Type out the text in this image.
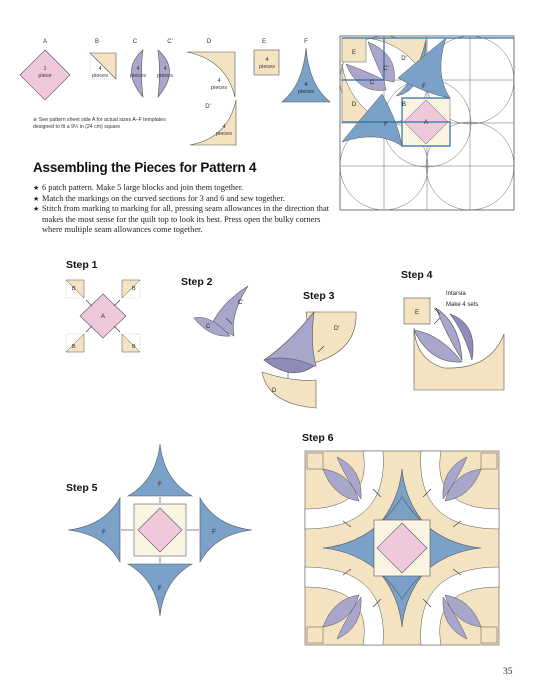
A
1
piece
B
4
pieces
C
4
pieces
C'
4
pieces
D
4
pieces
E
4
pieces
F
4
pieces
D'
4
pieces
※ See pattern sheet side A for actual sizes A–F templates designed to fit a 9½ in (24 cm) square
E
C'
D'
C
F
D	B
F	A
Assembling the Pieces for Pattern 4
★ 6 patch pattern. Make 5 large blocks and join them together.
★ Match the markings on the curved sections for 3 and 6 and sew together.
★ Stitch from marking to marking for all, pressing seam allowances in the direction that makes the most sense for the quilt top to look its best. Press open the bulky corners where multiple seam allowances come together.
Step 1
A
B	B
B	B
Step 2
C'
C
Step 3
D'
D
Step 4
Intarsia
Make 4 sets
E
Step 5	F
F
F	F
Step 6
35
